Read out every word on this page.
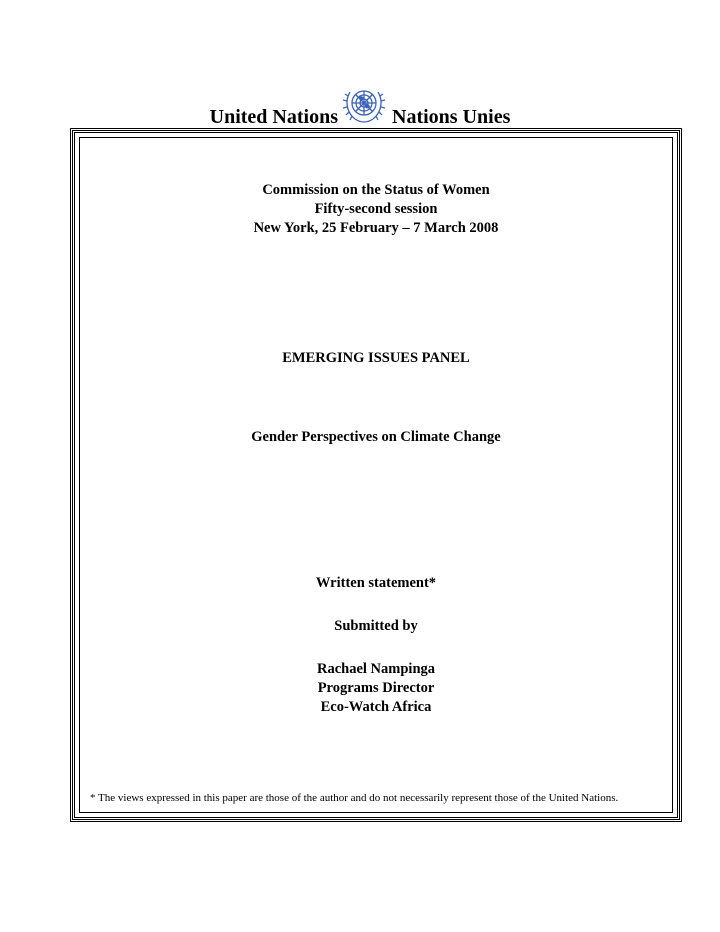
United Nations	Nations Unies
Commission on the Status of Women
Fifty-second session
New York, 25 February – 7 March 2008
EMERGING ISSUES PANEL
Gender Perspectives on Climate Change
Written statement*
Submitted by
Rachael Nampinga
Programs Director
Eco-Watch Africa
* The views expressed in this paper are those of the author and do not necessarily represent those of the United Nations.
